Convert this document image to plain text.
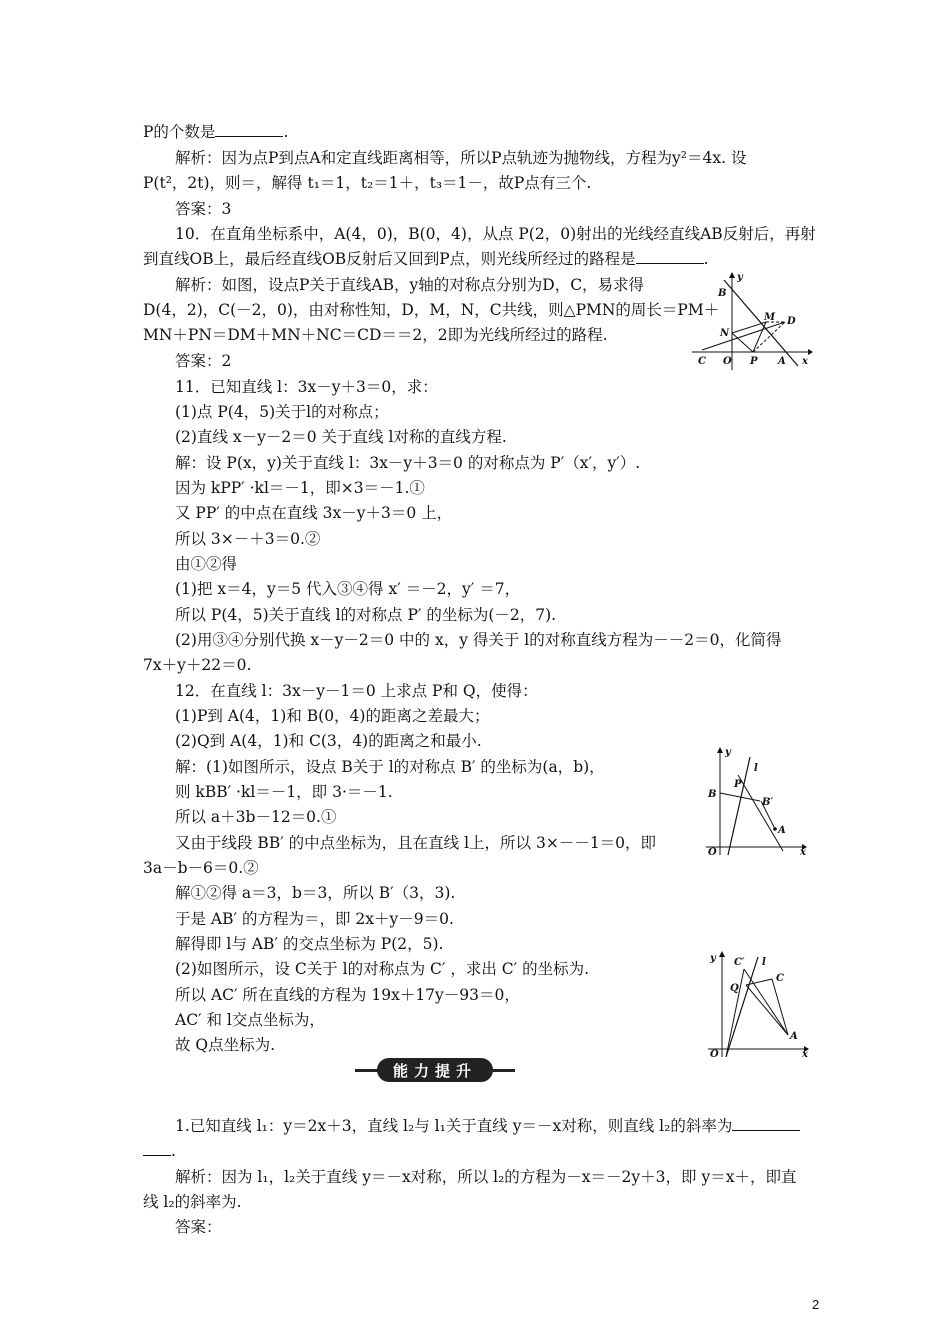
P的个数是	.
解析：因为点P到点A和定直线距离相等，所以P点轨迹为抛物线，方程为y²＝4x. 设
P(t²，2t)，则＝，解得 t₁＝1，t₂＝1＋，t₃＝1－，故P点有三个.
答案：3
10．在直角坐标系中，A(4，0)，B(0，4)，从点 P(2，0)射出的光线经直线AB反射后，再射
到直线OB上，最后经直线OB反射后又回到P点，则光线所经过的路程是	.
解析：如图，设点P关于直线AB，y轴的对称点分别为D，C，易求得
D(4，2)，C(－2，0)，由对称性知，D，M，N，C共线，则△PMN的周长＝PM＋
MN＋PN＝DM＋MN＋NC＝CD＝＝2，2即为光线所经过的路程.
答案：2
11．已知直线 l：3x－y＋3＝0，求：
(1)点 P(4，5)关于l的对称点；
(2)直线 x－y－2＝0 关于直线 l对称的直线方程.
解：设 P(x，y)关于直线 l：3x－y＋3＝0 的对称点为 P′（x′，y′）.
因为 kPP′ ·kl＝－1，即×3＝－1.①
又 PP′ 的中点在直线 3x－y＋3＝0 上，
所以 3×－＋3＝0.②
由①②得
(1)把 x＝4，y＝5 代入③④得 x′ ＝－2，y′ ＝7，
所以 P(4，5)关于直线 l的对称点 P′ 的坐标为(－2，7).
(2)用③④分别代换 x－y－2＝0 中的 x，y 得关于 l的对称直线方程为－－2＝0，化简得
7x＋y＋22＝0.
12．在直线 l：3x－y－1＝0 上求点 P和 Q，使得：
(1)P到 A(4，1)和 B(0，4)的距离之差最大；
(2)Q到 A(4，1)和 C(3，4)的距离之和最小.
解：(1)如图所示，设点 B关于 l的对称点 B′ 的坐标为(a，b)，
则 kBB′ ·kl＝－1，即 3·＝－1.
所以 a＋3b－12＝0.①
又由于线段 BB′ 的中点坐标为，且在直线 l上，所以 3×－－1＝0，即
3a－b－6＝0.②
解①②得 a＝3，b＝3，所以 B′（3，3).
于是 AB′ 的方程为＝，即 2x＋y－9＝0.
解得即 l与 AB′ 的交点坐标为 P(2，5).
(2)如图所示，设 C关于 l的对称点为 C′ ，求出 C′ 的坐标为.
所以 AC′ 所在直线的方程为 19x＋17y－93＝0，
AC′ 和 l交点坐标为，
故 Q点坐标为.
1.已知直线 l₁：y＝2x＋3，直线 l₂与 l₁关于直线 y＝－x对称，则直线 l₂的斜率为
.
解析：因为 l₁，l₂关于直线 y＝－x对称，所以 l₂的方程为－x＝－2y＋3，即 y＝x＋，即直
线 l₂的斜率为.
答案：
y
B
M D
N
C O P A x
y
l
P
B
B′
A
O	x
y C′ l
C
Q
A
O	x
能力提升
2
